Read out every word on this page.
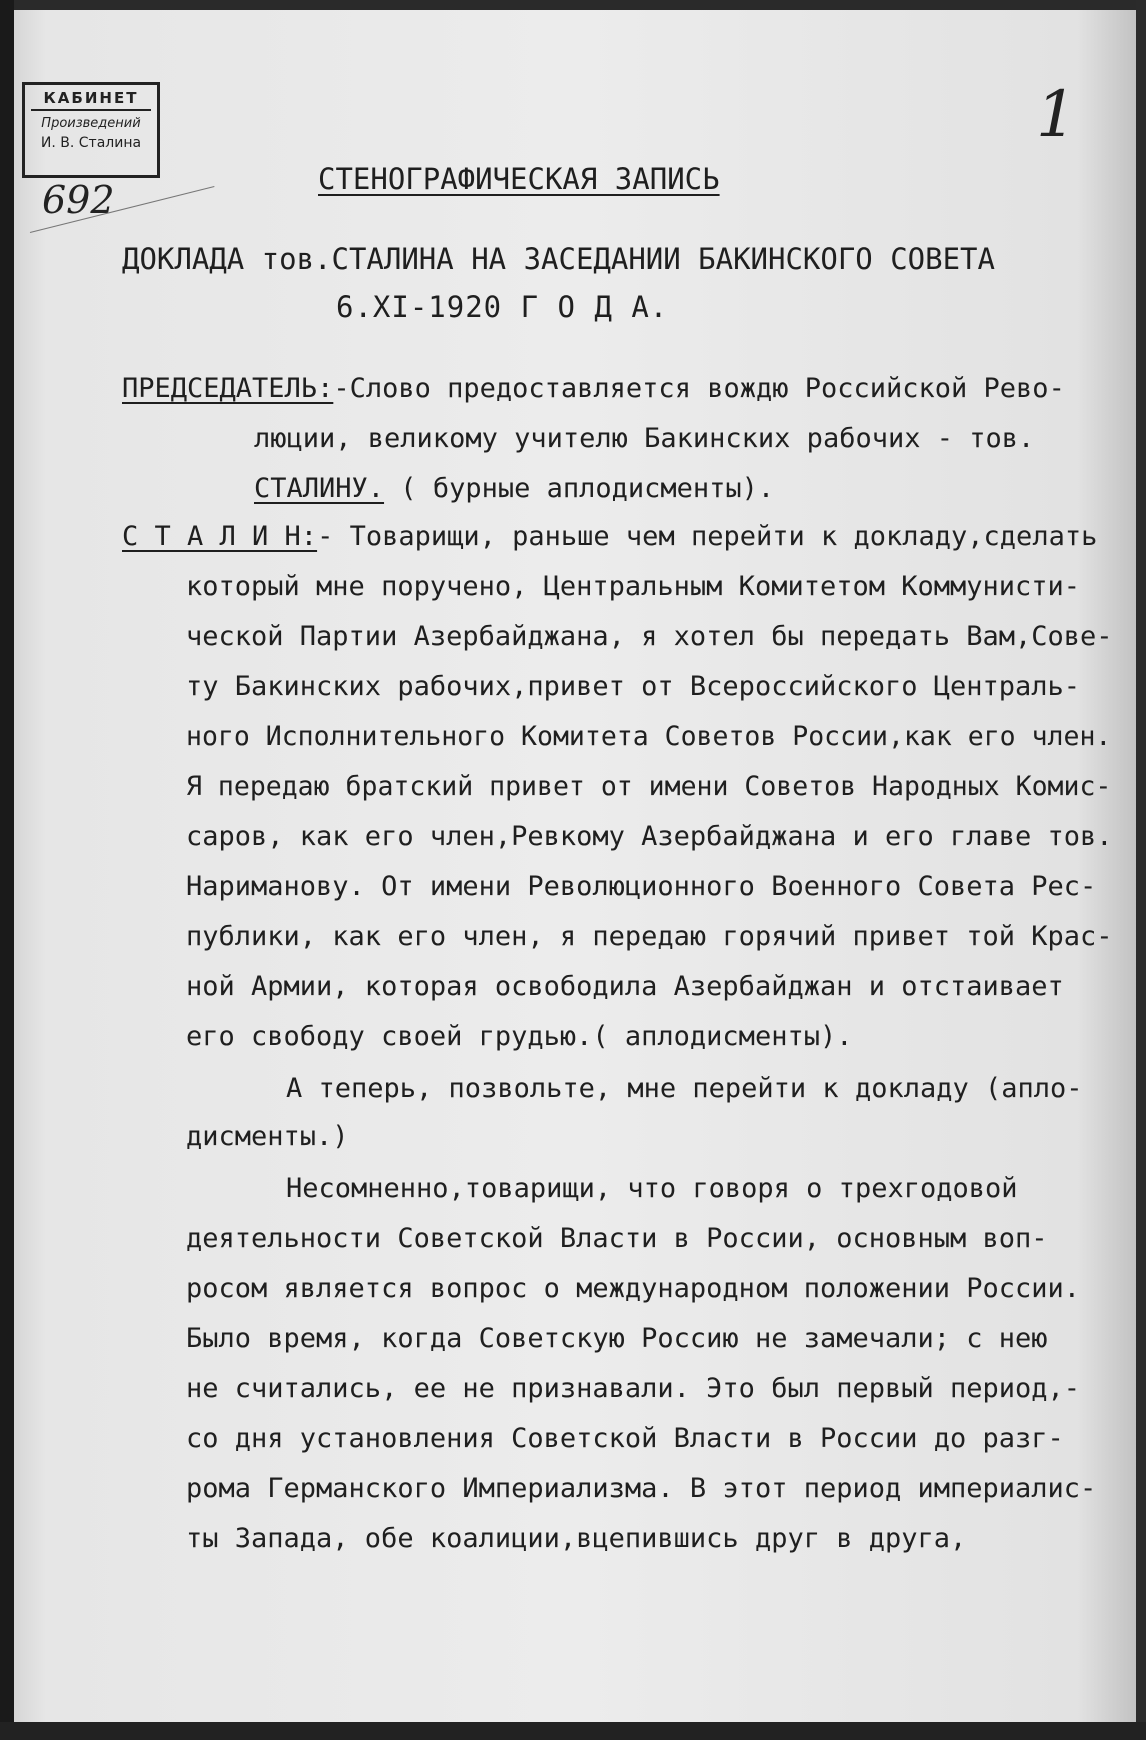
КАБИНЕТ
Произведений
И. В. Сталина
692
1
СТЕНОГРАФИЧЕСКАЯ ЗАПИСЬ
ДОКЛАДА тов.СТАЛИНА НА ЗАСЕДАНИИ БАКИНСКОГО СОВЕТА
6.XI-1920 Г О Д А.
ПРЕДСЕДАТЕЛЬ:-Слово предоставляется вождю Российской Рево-
люции, великому учителю Бакинских рабочих - тов.
СТАЛИНУ. ( бурные аплодисменты).
С Т А Л И Н:- Товарищи, раньше чем перейти к докладу,сделать
который мне поручено, Центральным Комитетом Коммунисти-
ческой Партии Азербайджана, я хотел бы передать Вам,Сове-
ту Бакинских рабочих,привет от Всероссийского Централь-
ного Исполнительного Комитета Советов России,как его член.
Я передаю братский привет от имени Советов Народных Комис-
саров, как его член,Ревкому Азербайджана и его главе тов.
Нариманову. От имени Революционного Военного Совета Рес-
публики, как его член, я передаю горячий привет той Крас-
ной Армии, которая освободила Азербайджан и отстаивает
его свободу своей грудью.( аплодисменты).
А теперь, позвольте, мне перейти к докладу (апло-
дисменты.)
Несомненно,товарищи, что говоря о трехгодовой
деятельности Советской Власти в России, основным воп-
росом является вопрос о международном положении России.
Было время, когда Советскую Россию не замечали; с нею
не считались, ее не признавали. Это был первый период,-
со дня установления Советской Власти в России до разг-
рома Германского Империализма. В этот период империалис-
ты Запада, обе коалиции,вцепившись друг в друга,
